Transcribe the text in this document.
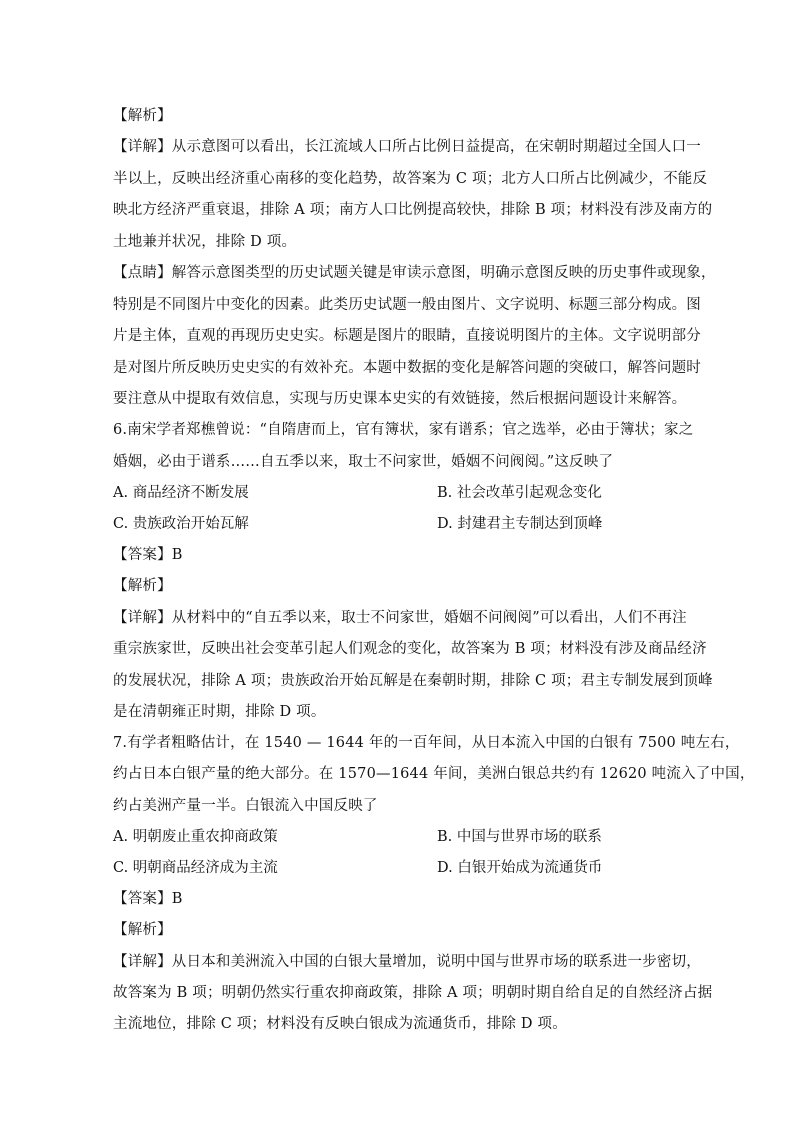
【解析】
【详解】从示意图可以看出，长江流域人口所占比例日益提高，在宋朝时期超过全国人口一
半以上，反映出经济重心南移的变化趋势，故答案为 C 项；北方人口所占比例减少，不能反
映北方经济严重衰退，排除 A 项；南方人口比例提高较快，排除 B 项；材料没有涉及南方的
土地兼并状况，排除 D 项。
【点睛】解答示意图类型的历史试题关键是审读示意图，明确示意图反映的历史事件或现象，
特别是不同图片中变化的因素。此类历史试题一般由图片、文字说明、标题三部分构成。图
片是主体，直观的再现历史史实。标题是图片的眼睛，直接说明图片的主体。文字说明部分
是对图片所反映历史史实的有效补充。本题中数据的变化是解答问题的突破口，解答问题时
要注意从中提取有效信息，实现与历史课本史实的有效链接，然后根据问题设计来解答。
6.南宋学者郑樵曾说：“自隋唐而上，官有簿状，家有谱系；官之选举，必由于簿状；家之
婚姻，必由于谱系……自五季以来，取士不问家世，婚姻不问阀阅。”这反映了
A. 商品经济不断发展	B. 社会改革引起观念变化
C. 贵族政治开始瓦解	D. 封建君主专制达到顶峰
【答案】B
【解析】
【详解】从材料中的“自五季以来，取士不问家世，婚姻不问阀阅”可以看出，人们不再注
重宗族家世，反映出社会变革引起人们观念的变化，故答案为 B 项；材料没有涉及商品经济
的发展状况，排除 A 项；贵族政治开始瓦解是在秦朝时期，排除 C 项；君主专制发展到顶峰
是在清朝雍正时期，排除 D 项。
7.有学者粗略估计，在 1540 — 1644 年的一百年间，从日本流入中国的白银有 7500 吨左右，
约占日本白银产量的绝大部分。在 1570—1644 年间，美洲白银总共约有 12620 吨流入了中国，
约占美洲产量一半。白银流入中国反映了
A. 明朝废止重农抑商政策	B. 中国与世界市场的联系
C. 明朝商品经济成为主流	D. 白银开始成为流通货币
【答案】B
【解析】
【详解】从日本和美洲流入中国的白银大量增加，说明中国与世界市场的联系进一步密切，
故答案为 B 项；明朝仍然实行重农抑商政策，排除 A 项；明朝时期自给自足的自然经济占据
主流地位，排除 C 项；材料没有反映白银成为流通货币，排除 D 项。
